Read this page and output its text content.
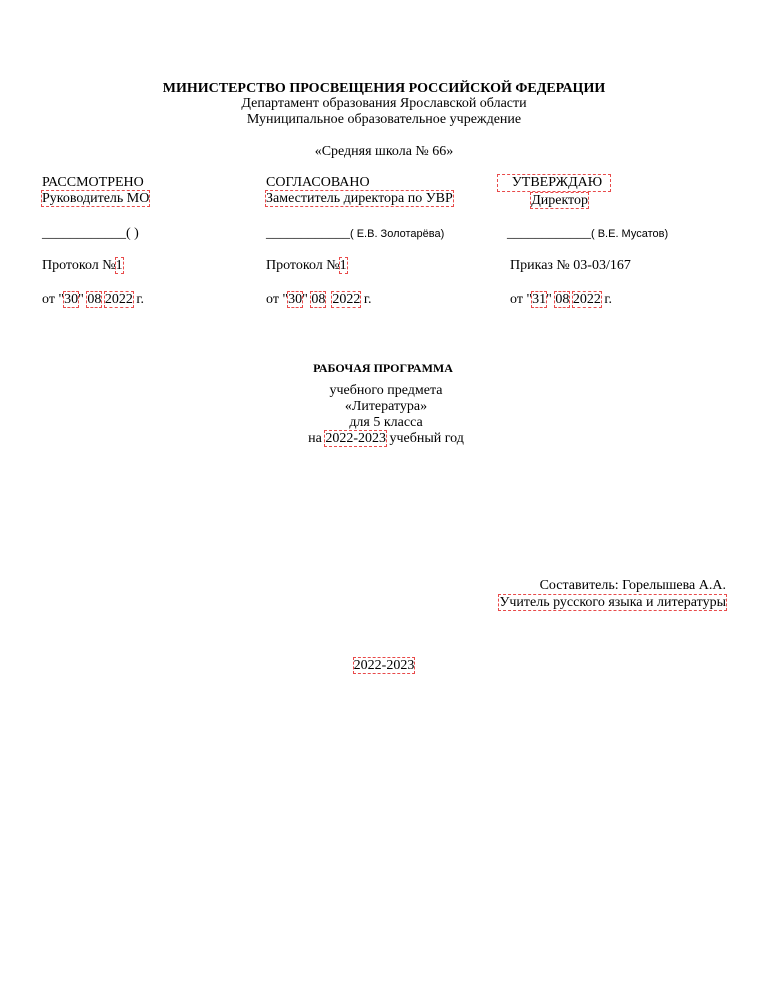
МИНИСТЕРСТВО ПРОСВЕЩЕНИЯ РОССИЙСКОЙ ФЕДЕРАЦИИ
Департамент образования Ярославской области
Муниципальное образовательное учреждение
«Средняя школа № 66»
РАССМОТРЕНО
Руководитель МО
____________( )
Протокол №1
от "30" 08 2022 г.
СОГЛАСОВАНО
Заместитель директора по УВР
____________( Е.В. Золотарёва)
Протокол №1
от "30" 08 2022 г.
УТВЕРЖДАЮ
Директор
____________( В.Е. Мусатов)
Приказ № 03-03/167
от "31" 08 2022 г.
РАБОЧАЯ ПРОГРАММА
учебного предмета
«Литература»
для 5 класса
на 2022-2023 учебный год
Составитель: Горелышева А.А.
Учитель русского языка и литературы
2022-2023
